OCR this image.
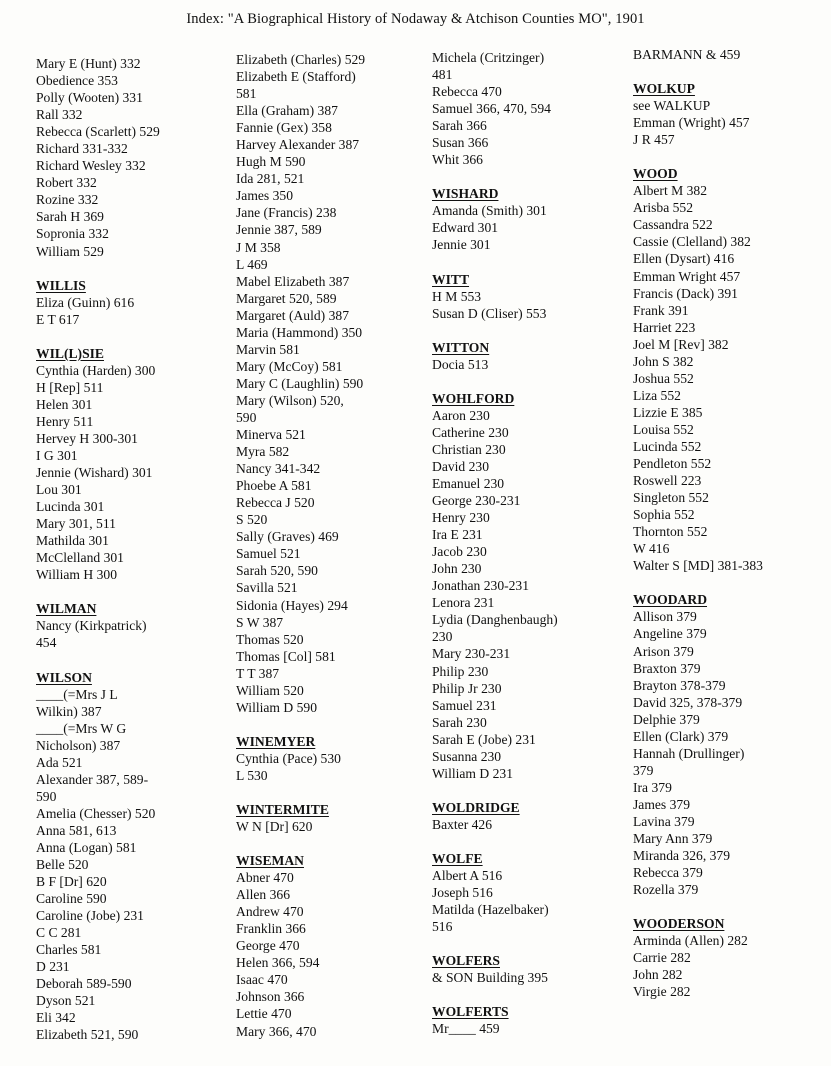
Index: "A Biographical History of Nodaway & Atchison Counties MO", 1901
Mary E (Hunt) 332
Obedience 353
Polly (Wooten) 331
Rall 332
Rebecca (Scarlett) 529
Richard 331-332
Richard Wesley 332
Robert 332
Rozine 332
Sarah H 369
Sopronia 332
William 529
WILLIS
Eliza (Guinn) 616
E T 617
WIL(L)SIE
Cynthia (Harden) 300
H [Rep] 511
Helen 301
Henry 511
Hervey H 300-301
I G 301
Jennie (Wishard) 301
Lou 301
Lucinda 301
Mary 301, 511
Mathilda 301
McClelland 301
William H 300
WILMAN
Nancy (Kirkpatrick)
454
WILSON
____(=Mrs J L
Wilkin) 387
____(=Mrs W G
Nicholson) 387
Ada 521
Alexander 387, 589-
590
Amelia (Chesser) 520
Anna 581, 613
Anna (Logan) 581
Belle 520
B F [Dr] 620
Caroline 590
Caroline (Jobe) 231
C C 281
Charles 581
D 231
Deborah 589-590
Dyson 521
Eli 342
Elizabeth 521, 590
Elizabeth (Charles) 529
Elizabeth E (Stafford)
581
Ella (Graham) 387
Fannie (Gex) 358
Harvey Alexander 387
Hugh M 590
Ida 281, 521
James 350
Jane (Francis) 238
Jennie 387, 589
J M 358
L 469
Mabel Elizabeth 387
Margaret 520, 589
Margaret (Auld) 387
Maria (Hammond) 350
Marvin 581
Mary (McCoy) 581
Mary C (Laughlin) 590
Mary (Wilson) 520,
590
Minerva 521
Myra 582
Nancy 341-342
Phoebe A 581
Rebecca J 520
S 520
Sally (Graves) 469
Samuel 521
Sarah 520, 590
Savilla 521
Sidonia (Hayes) 294
S W 387
Thomas 520
Thomas [Col] 581
T T 387
William 520
William D 590
WINEMYER
Cynthia (Pace) 530
L 530
WINTERMITE
W N [Dr] 620
WISEMAN
Abner 470
Allen 366
Andrew 470
Franklin 366
George 470
Helen 366, 594
Isaac 470
Johnson 366
Lettie 470
Mary 366, 470
Michela (Critzinger)
481
Rebecca 470
Samuel 366, 470, 594
Sarah 366
Susan 366
Whit 366
WISHARD
Amanda (Smith) 301
Edward 301
Jennie 301
WITT
H M 553
Susan D (Cliser) 553
WITTON
Docia 513
WOHLFORD
Aaron 230
Catherine 230
Christian 230
David 230
Emanuel 230
George 230-231
Henry 230
Ira E 231
Jacob 230
John 230
Jonathan 230-231
Lenora 231
Lydia (Danghenbaugh)
230
Mary 230-231
Philip 230
Philip Jr 230
Samuel 231
Sarah 230
Sarah E (Jobe) 231
Susanna 230
William D 231
WOLDRIDGE
Baxter 426
WOLFE
Albert A 516
Joseph 516
Matilda (Hazelbaker)
516
WOLFERS
& SON Building 395
WOLFERTS
Mr____ 459
BARMANN & 459
WOLKUP
see WALKUP
Emman (Wright) 457
J R 457
WOOD
Albert M 382
Arisba 552
Cassandra 522
Cassie (Clelland) 382
Ellen (Dysart) 416
Emman Wright 457
Francis (Dack) 391
Frank 391
Harriet 223
Joel M [Rev] 382
John S 382
Joshua 552
Liza 552
Lizzie E 385
Louisa 552
Lucinda 552
Pendleton 552
Roswell 223
Singleton 552
Sophia 552
Thornton 552
W 416
Walter S [MD] 381-383
WOODARD
Allison 379
Angeline 379
Arison 379
Braxton 379
Brayton 378-379
David 325, 378-379
Delphie 379
Ellen (Clark) 379
Hannah (Drullinger)
379
Ira 379
James 379
Lavina 379
Mary Ann 379
Miranda 326, 379
Rebecca 379
Rozella 379
WOODERSON
Arminda (Allen) 282
Carrie 282
John 282
Virgie 282
